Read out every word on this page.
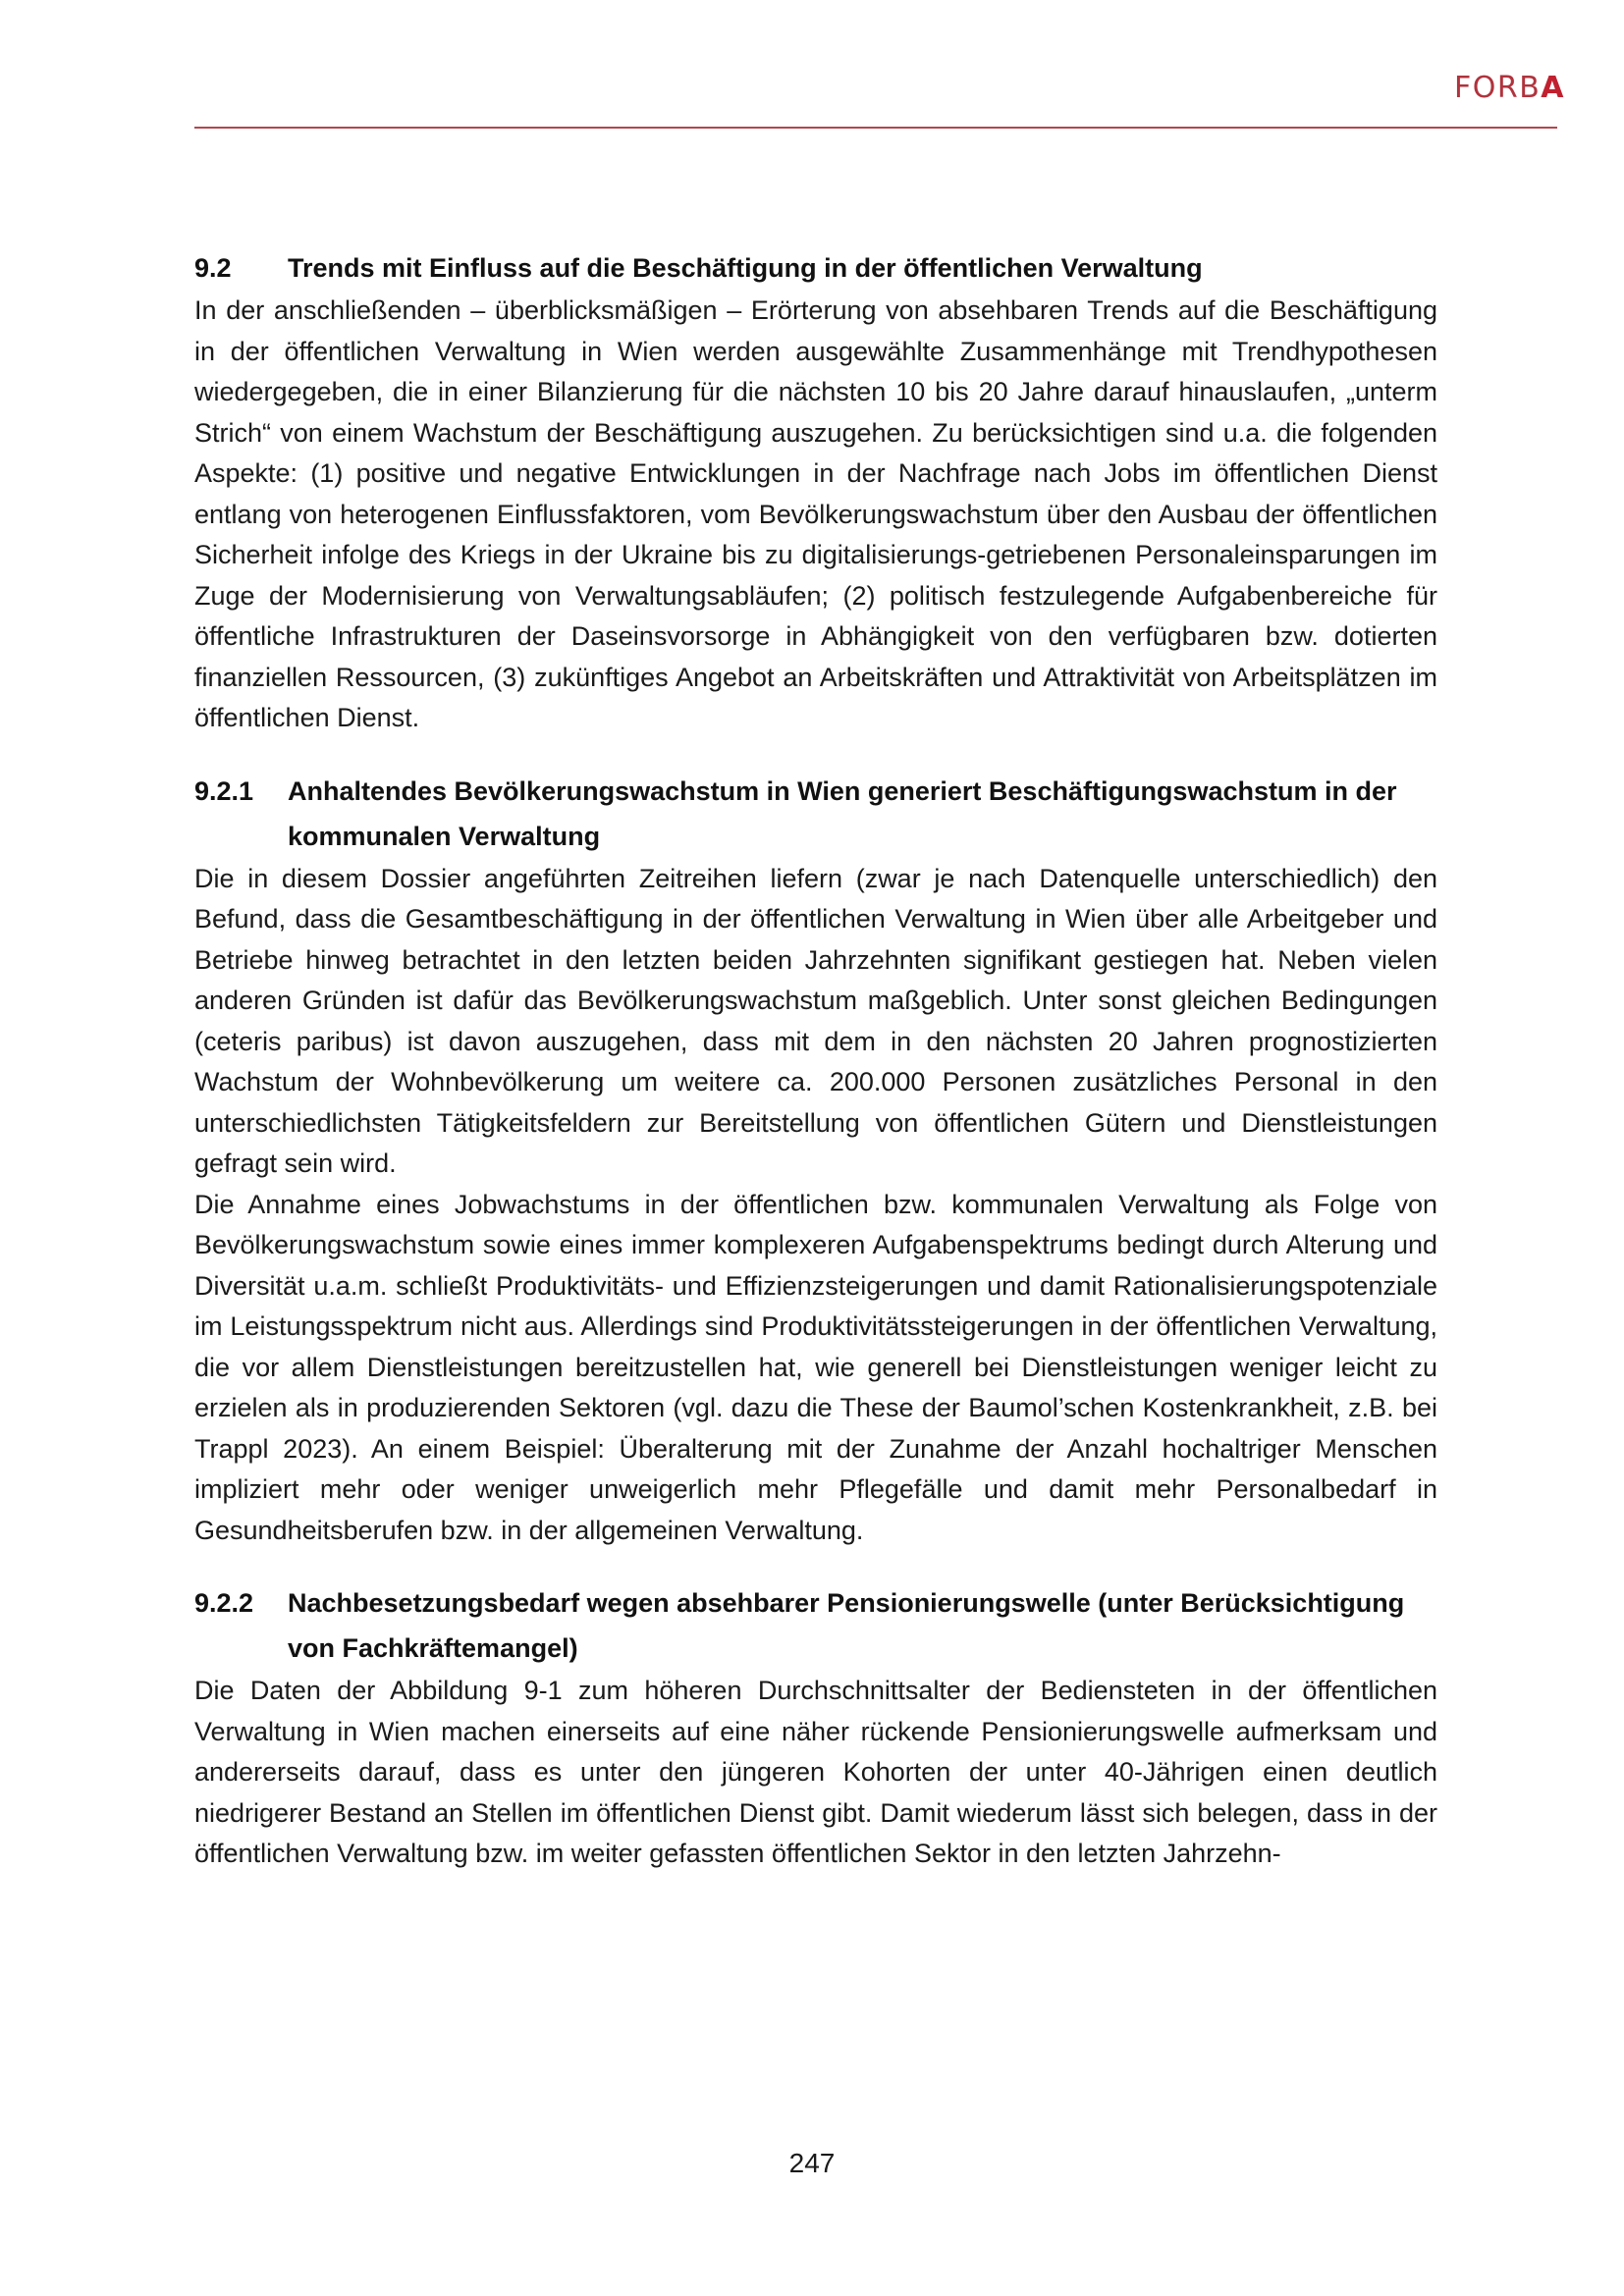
FORBA
9.2	Trends mit Einfluss auf die Beschäftigung in der öffentlichen Verwaltung

In der anschließenden – überblicksmäßigen – Erörterung von absehbaren Trends auf die Beschäftigung in der öffentlichen Verwaltung in Wien werden ausgewählte Zusammenhänge mit Trendhypothesen wiedergegeben, die in einer Bilanzierung für die nächsten 10 bis 20 Jahre darauf hinauslaufen, „unterm Strich“ von einem Wachstum der Beschäftigung auszugehen. Zu berücksichtigen sind u.a. die folgenden Aspekte: (1) positive und negative Entwicklungen in der Nachfrage nach Jobs im öffentlichen Dienst entlang von heterogenen Einflussfaktoren, vom Bevölkerungswachstum über den Ausbau der öffentlichen Sicherheit infolge des Kriegs in der Ukraine bis zu digitalisierungs-getriebenen Personaleinsparungen im Zuge der Modernisierung von Verwaltungsabläufen; (2) politisch festzulegende Aufgabenbereiche für öffentliche Infrastrukturen der Daseinsvorsorge in Abhängigkeit von den verfügbaren bzw. dotierten finanziellen Ressourcen, (3) zukünftiges Angebot an Arbeitskräften und Attraktivität von Arbeitsplätzen im öffentlichen Dienst.

9.2.1	Anhaltendes Bevölkerungswachstum in Wien generiert Beschäftigungswachstum in der kommunalen Verwaltung

Die in diesem Dossier angeführten Zeitreihen liefern (zwar je nach Datenquelle unterschiedlich) den Befund, dass die Gesamtbeschäftigung in der öffentlichen Verwaltung in Wien über alle Arbeitgeber und Betriebe hinweg betrachtet in den letzten beiden Jahrzehnten signifikant gestiegen hat. Neben vielen anderen Gründen ist dafür das Bevölkerungswachstum maßgeblich. Unter sonst gleichen Bedingungen (ceteris paribus) ist davon auszugehen, dass mit dem in den nächsten 20 Jahren prognostizierten Wachstum der Wohnbevölkerung um weitere ca. 200.000 Personen zusätzliches Personal in den unterschiedlichsten Tätigkeitsfeldern zur Bereitstellung von öffentlichen Gütern und Dienstleistungen gefragt sein wird.

Die Annahme eines Jobwachstums in der öffentlichen bzw. kommunalen Verwaltung als Folge von Bevölkerungswachstum sowie eines immer komplexeren Aufgabenspektrums bedingt durch Alterung und Diversität u.a.m. schließt Produktivitäts- und Effizienzsteigerungen und damit Rationalisierungspotenziale im Leistungsspektrum nicht aus. Allerdings sind Produktivitätssteigerungen in der öffentlichen Verwaltung, die vor allem Dienstleistungen bereitzustellen hat, wie generell bei Dienstleistungen weniger leicht zu erzielen als in produzierenden Sektoren (vgl. dazu die These der Baumol’schen Kostenkrankheit, z.B. bei Trappl 2023). An einem Beispiel: Überalterung mit der Zunahme der Anzahl hochaltriger Menschen impliziert mehr oder weniger unweigerlich mehr Pflegefälle und damit mehr Personalbedarf in Gesundheitsberufen bzw. in der allgemeinen Verwaltung.

9.2.2	Nachbesetzungsbedarf wegen absehbarer Pensionierungswelle (unter Berücksichtigung von Fachkräftemangel)

Die Daten der Abbildung 9-1 zum höheren Durchschnittsalter der Bediensteten in der öffentlichen Verwaltung in Wien machen einerseits auf eine näher rückende Pensionierungswelle aufmerksam und andererseits darauf, dass es unter den jüngeren Kohorten der unter 40-Jährigen einen deutlich niedrigerer Bestand an Stellen im öffentlichen Dienst gibt. Damit wiederum lässt sich belegen, dass in der öffentlichen Verwaltung bzw. im weiter gefassten öffentlichen Sektor in den letzten Jahrzehn-

247
